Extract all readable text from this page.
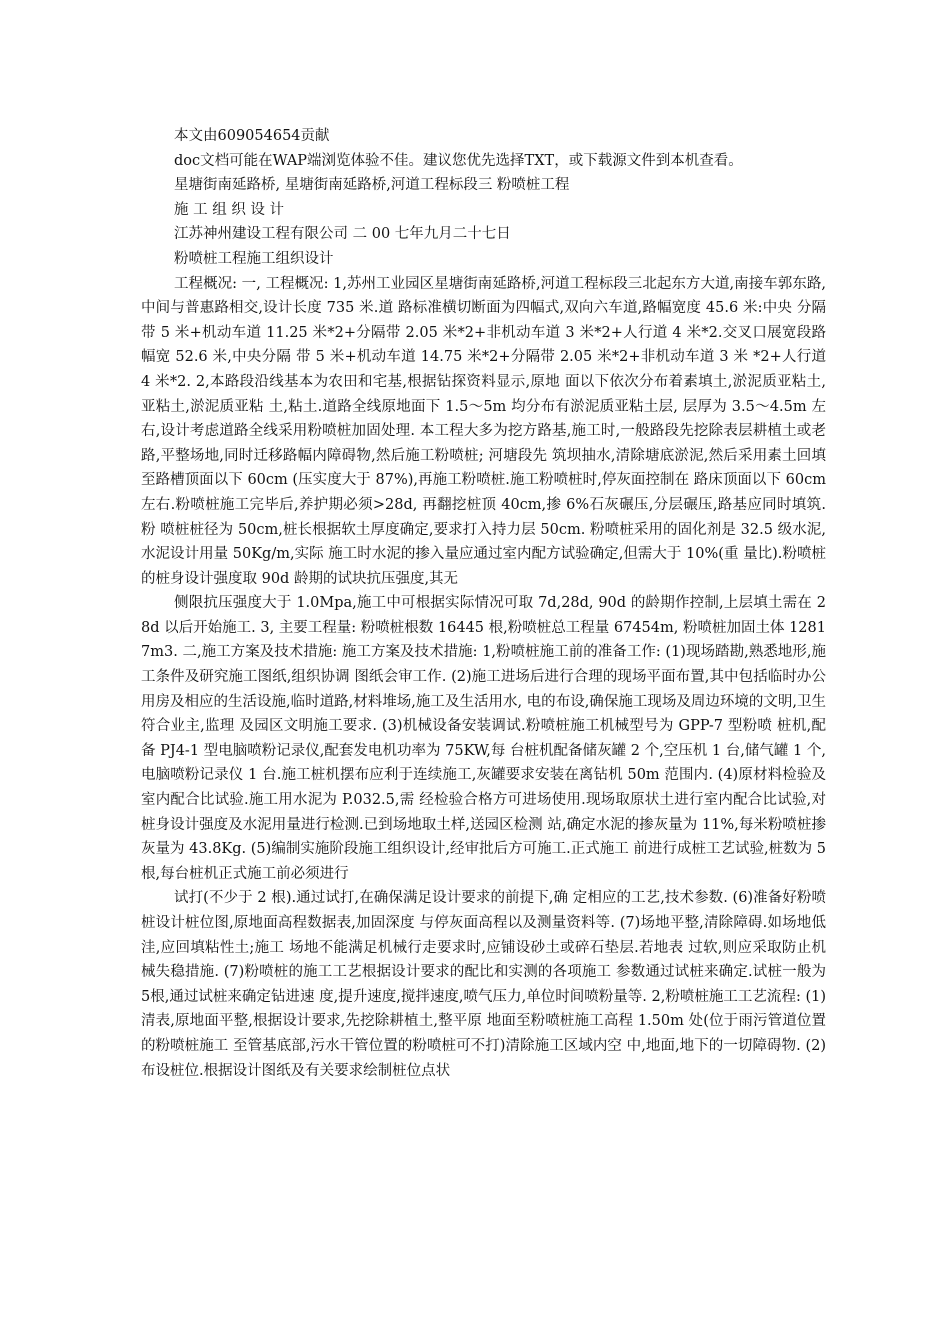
本文由609054654贡献
doc文档可能在WAP端浏览体验不佳。建议您优先选择TXT，或下载源文件到本机查看。
星塘街南延路桥, 星塘街南延路桥,河道工程标段三 粉喷桩工程
施 工 组 织 设 计
江苏神州建设工程有限公司 二 00 七年九月二十七日
粉喷桩工程施工组织设计

工程概况: 一, 工程概况: 1,苏州工业园区星塘街南延路桥,河道工程标段三北起东方大道,南接车郭东路,中间与普惠路相交,设计长度 735 米.道 路标准横切断面为四幅式,双向六车道,路幅宽度 45.6 米:中央 分隔带 5 米+机动车道 11.25 米*2+分隔带 2.05 米*2+非机动车道 3 米*2+人行道 4 米*2.交叉口展宽段路幅宽 52.6 米,中央分隔 带 5 米+机动车道 14.75 米*2+分隔带 2.05 米*2+非机动车道 3 米 *2+人行道 4 米*2. 2,本路段沿线基本为农田和宅基,根据钻探资料显示,原地 面以下依次分布着素填土,淤泥质亚粘土,亚粘土,淤泥质亚粘 土,粘土.道路全线原地面下 1.5～5m 均分布有淤泥质亚粘土层, 层厚为 3.5～4.5m 左右,设计考虑道路全线采用粉喷桩加固处理. 本工程大多为挖方路基,施工时,一般路段先挖除表层耕植土或老 路,平整场地,同时迁移路幅内障碍物,然后施工粉喷桩; 河塘段先 筑坝抽水,清除塘底淤泥,然后采用素土回填至路槽顶面以下 60cm (压实度大于 87%),再施工粉喷桩.施工粉喷桩时,停灰面控制在 路床顶面以下 60cm 左右.粉喷桩施工完毕后,养护期必须>28d, 再翻挖桩顶 40cm,掺 6%石灰碾压,分层碾压,路基应同时填筑.粉 喷桩桩径为 50cm,桩长根据软土厚度确定,要求打入持力层 50cm. 粉喷桩采用的固化剂是 32.5 级水泥,水泥设计用量 50Kg/m,实际 施工时水泥的掺入量应通过室内配方试验确定,但需大于 10%(重 量比).粉喷桩的桩身设计强度取 90d 龄期的试块抗压强度,其无

侧限抗压强度大于 1.0Mpa,施工中可根据实际情况可取 7d,28d, 90d 的龄期作控制,上层填土需在 28d 以后开始施工. 3, 主要工程量: 粉喷桩根数 16445 根,粉喷桩总工程量 67454m, 粉喷桩加固土体 12817m3. 二,施工方案及技术措施: 施工方案及技术措施: 1,粉喷桩施工前的准备工作: (1)现场踏勘,熟悉地形,施工条件及研究施工图纸,组织协调 图纸会审工作. (2)施工进场后进行合理的现场平面布置,其中包括临时办公 用房及相应的生活设施,临时道路,材料堆场,施工及生活用水, 电的布设,确保施工现场及周边环境的文明,卫生符合业主,监理 及园区文明施工要求. (3)机械设备安装调试.粉喷桩施工机械型号为 GPP-7 型粉喷 桩机,配备 PJ4-1 型电脑喷粉记录仪,配套发电机功率为 75KW,每 台桩机配备储灰罐 2 个,空压机 1 台,储气罐 1 个,电脑喷粉记录仪 1 台.施工桩机摆布应利于连续施工,灰罐要求安装在离钻机 50m 范围内. (4)原材料检验及室内配合比试验.施工用水泥为 P.032.5,需 经检验合格方可进场使用.现场取原状土进行室内配合比试验,对 桩身设计强度及水泥用量进行检测.已到场地取土样,送园区检测 站,确定水泥的掺灰量为 11%,每米粉喷桩掺灰量为 43.8Kg. (5)编制实施阶段施工组织设计,经审批后方可施工.正式施工 前进行成桩工艺试验,桩数为 5 根,每台桩机正式施工前必须进行

试打(不少于 2 根).通过试打,在确保满足设计要求的前提下,确 定相应的工艺,技术参数. (6)准备好粉喷桩设计桩位图,原地面高程数据表,加固深度 与停灰面高程以及测量资料等. (7)场地平整,清除障碍.如场地低洼,应回填粘性土;施工 场地不能满足机械行走要求时,应铺设砂土或碎石垫层.若地表 过软,则应采取防止机械失稳措施. (7)粉喷桩的施工工艺根据设计要求的配比和实测的各项施工 参数通过试桩来确定.试桩一般为5根,通过试桩来确定钻进速 度,提升速度,搅拌速度,喷气压力,单位时间喷粉量等. 2,粉喷桩施工工艺流程: (1)清表,原地面平整,根据设计要求,先挖除耕植土,整平原 地面至粉喷桩施工高程 1.50m 处(位于雨污管道位置的粉喷桩施工 至管基底部,污水干管位置的粉喷桩可不打)清除施工区域内空 中,地面,地下的一切障碍物. (2)布设桩位.根据设计图纸及有关要求绘制桩位点状
